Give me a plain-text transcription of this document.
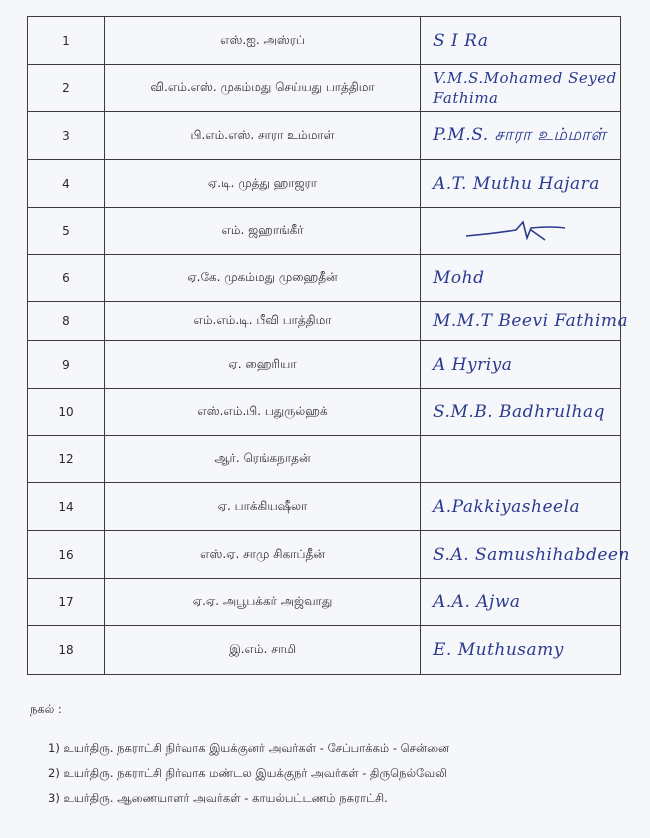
1	எஸ்.ஐ. அஸ்ரப்	S I Ra
2	வி.எம்.எஸ். முகம்மது செய்யது பாத்திமா	V.M.S.Mohamed Seyed Fathima
3	பி.எம்.எஸ். சாரா உம்மாள்	P.M.S. சாரா உம்மாள்
4	ஏ.டி. முத்து ஹாஜரா	A.T. Muthu Hajara
5	எம். ஜஹாங்கீர்	

6	ஏ.கே. முகம்மது முஹைதீன்	Mohd
8	எம்.எம்.டி. பீவி பாத்திமா	M.M.T Beevi Fathima
9	ஏ. ஹைரியா	A Hyriya
10	எஸ்.எம்.பி. பதுருல்ஹக்	S.M.B. Badhrulhaq
12	ஆர். ரெங்கநாதன்	
14	ஏ. பாக்கியஷீலா	A.Pakkiyasheela
16	எஸ்.ஏ. சாமு சிகாப்தீன்	S.A. Samushihabdeen
17	ஏ.ஏ. அபூபக்கர் அஜ்வாது	A.A. Ajwa
18	இ.எம். சாமி	E. Muthusamy
நகல் :
1) உயர்திரு. நகராட்சி நிர்வாக இயக்குனர் அவர்கள் - சேப்பாக்கம் - சென்னை
2) உயர்திரு. நகராட்சி நிர்வாக மண்டல இயக்குநர் அவர்கள் - திருநெல்வேலி
3) உயர்திரு. ஆணையாளர் அவர்கள் - காயல்பட்டணம் நகராட்சி.
